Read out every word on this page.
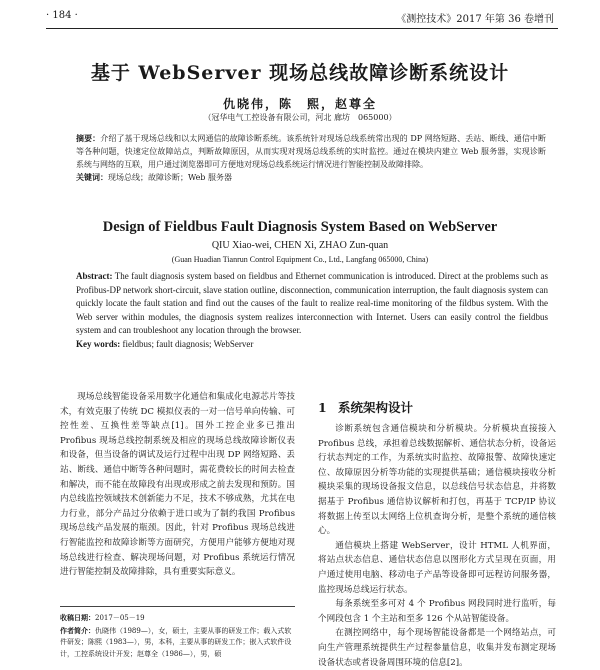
· 184 ·	《测控技术》2017 年第 36 卷增刊
基于 WebServer 现场总线故障诊断系统设计
仇晓伟，陈　熙，赵尊全
（冠华电气工控设备有限公司，河北 廊坊　065000）
摘要：介绍了基于现场总线和以太网通信的故障诊断系统。该系统针对现场总线系统常出现的 DP 网络短路、丢站、断线、通信中断等各种问题，快速定位故障站点，判断故障原因，从而实现对现场总线系统的实时监控。通过在模块内建立 Web 服务器，实现诊断系统与网络的互联，用户通过浏览器即可方便地对现场总线系统运行情况进行智能控制及故障排除。
关键词：现场总线；故障诊断；Web 服务器
Design of Fieldbus Fault Diagnosis System Based on WebServer
QIU Xiao-wei, CHEN Xi, ZHAO Zun-quan
(Guan Huadian Tianrun Control Equipment Co., Ltd., Langfang 065000, China)
Abstract: The fault diagnosis system based on fieldbus and Ethernet communication is introduced. Direct at the problems such as Profibus-DP network short-circuit, slave station outline, disconnection, communication interruption, the fault diagnosis system can quickly locate the fault station and find out the causes of the fault to realize real-time monitoring of the fildbus system. With the Web server within modules, the diagnosis system realizes interconnection with Internet. Users can easily control the fieldbus system and can troubleshoot any location through the browser.
Key words: fieldbus; fault diagnosis; WebServer

现场总线智能设备采用数字化通信和集成化电源芯片等技术，有效克服了传统 DC 模拟仪表的一对一信号单向传输、可控性差、互换性差等缺点[1]。国外工控企业多已推出 Profibus 现场总线控制系统及相应的现场总线故障诊断仪表和设备，但当设备的调试及运行过程中出现 DP 网络短路、丢站、断线、通信中断等各种问题时，需花费较长的时间去检查和解决，而不能在故障段有出现或形成之前去发现和预防。国内总线监控领域技术创新能力不足，技术不够成熟，尤其在电力行业，部分产品过分依赖于进口或为了制约我国 Profibus 现场总线产品发展的瓶颈。因此，针对 Profibus 现场总线进行智能监控和故障诊断等方面研究，方便用户能够方便地对现场总线进行检查、解决现场问题，对 Profibus 系统运行情况进行智能控制及故障排除，具有重要实际意义。

1 系统架构设计

诊断系统包含通信模块和分析模块。分析模块直接接入 Profibus 总线，承担着总线数据解析、通信状态分析，设备运行状态判定的工作，为系统实时监控、故障报警、故障快速定位、故障原因分析等功能的实现提供基础；通信模块接收分析模块采集的现场设备报文信息，以总线信号状态信息，并将数据基于 Profibus 通信协议解析和打包，再基于 TCP/IP 协议将数据上传至以太网络上位机查询分析，是整个系统的通信核心。

通信模块上搭建 WebServer，设计 HTML 人机界面，将站点状态信息、通信状态信息以图形化方式呈现在页面，用户通过使用电脑、移动电子产品等设备即可远程访问服务器，监控现场总线运行状态。

每条系统至多可对 4 个 Profibus 网段同时进行监听，每个网段包含 1 个主站和至多 126 个从站智能设备。

在测控网络中，每个现场智能设备都是一个网络站点，可向生产管理系统提供生产过程参量信息，收集并发布测定现场设备状态或者设备周围环境的信息[2]。

收稿日期：2017－05－19
作者简介：仇晓伟（1989—），女，硕士，主要从事的研发工作；载入式软件研发；陈熙（1983—），男，本科，主要从事的研发工作；嵌入式软件设计，工控系统设计开发；赵尊全（1986—），男，硕
